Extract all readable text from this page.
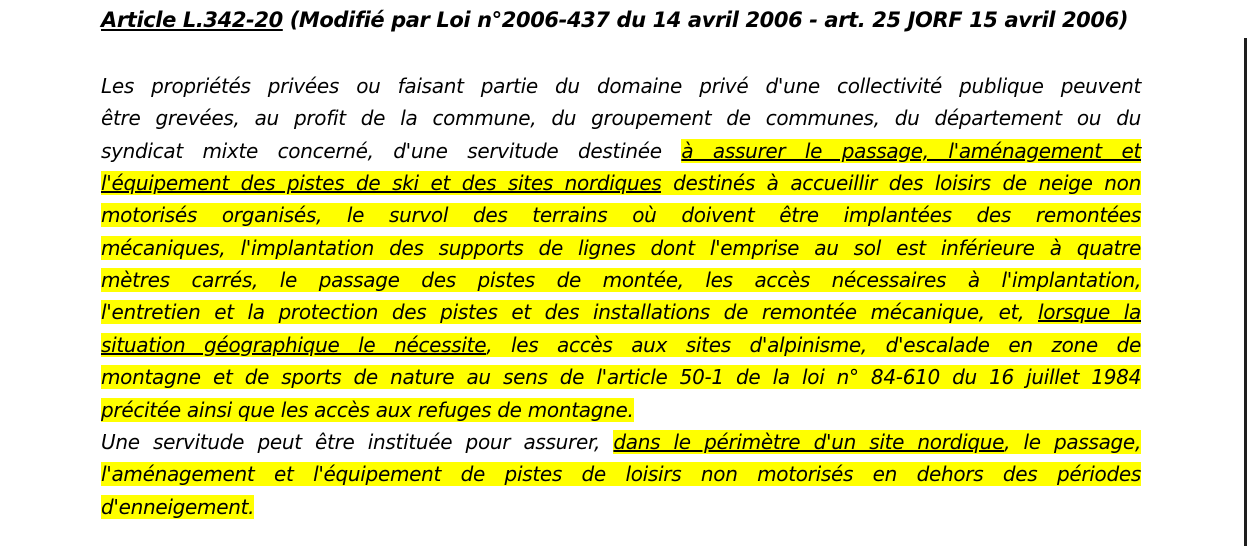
Article L.342-20 (Modifié par Loi n°2006-437 du 14 avril 2006 - art. 25 JORF 15 avril 2006)
Les propriétés privées ou faisant partie du domaine privé d'une collectivité publique peuvent
être grevées, au profit de la commune, du groupement de communes, du département ou du
syndicat mixte concerné, d'une servitude destinée à assurer le passage, l'aménagement et
l'équipement des pistes de ski et des sites nordiques destinés à accueillir des loisirs de neige non
motorisés organisés, le survol des terrains où doivent être implantées des remontées
mécaniques, l'implantation des supports de lignes dont l'emprise au sol est inférieure à quatre
mètres carrés, le passage des pistes de montée, les accès nécessaires à l'implantation,
l'entretien et la protection des pistes et des installations de remontée mécanique, et, lorsque la
situation géographique le nécessite, les accès aux sites d'alpinisme, d'escalade en zone de
montagne et de sports de nature au sens de l'article 50-1 de la loi n° 84-610 du 16 juillet 1984
précitée ainsi que les accès aux refuges de montagne.
Une servitude peut être instituée pour assurer, dans le périmètre d'un site nordique, le passage,
l'aménagement et l'équipement de pistes de loisirs non motorisés en dehors des périodes
d'enneigement.
